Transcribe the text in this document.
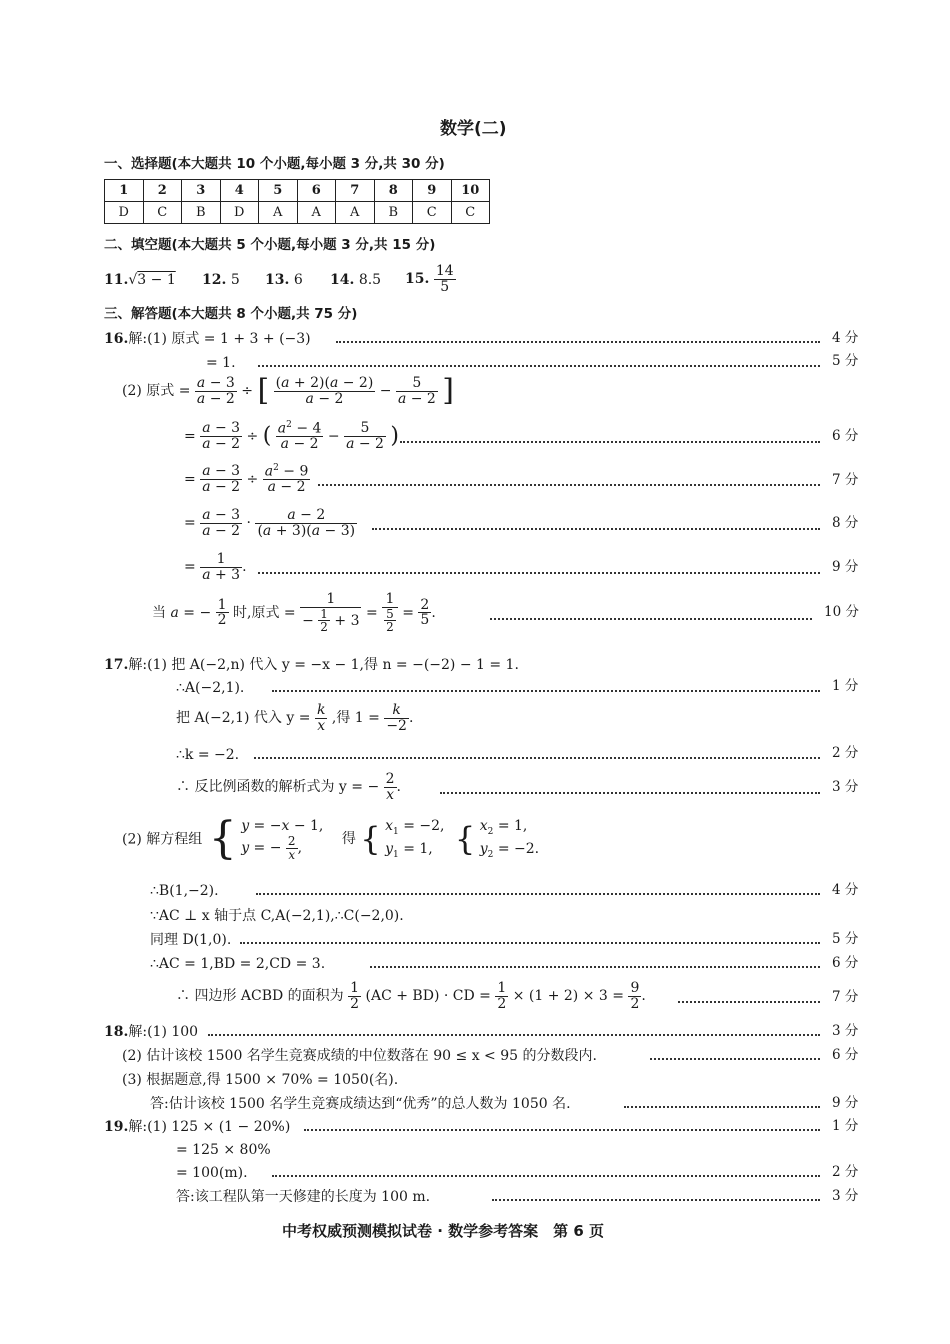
数学(二)
一、选择题(本大题共 10 个小题,每小题 3 分,共 30 分)
1	2	3	4	5	6	7	8	9	10
D	C	B	D	A	A	A	B	C	C
二、填空题(本大题共 5 个小题,每小题 3 分,共 15 分)
11.√3 − 1 12. 5 13. 6 14. 8.5 15. $\frac{14}{5}$
三、解答题(本大题共 8 个小题,共 75 分)
16.解:(1) 原式 = 1 + 3 + (−3)	4 分
= 1.	5 分
(2) 原式 = $\frac{a - 3}{a - 2}$ ÷ [ $\frac{(a + 2)(a - 2)}{a - 2} - \frac{5}{a - 2}$ ]
= $\frac{a - 3}{a - 2}$ ÷ ( $\frac{a^2 - 4}{a - 2} - \frac{5}{a - 2}$ )	6 分
= $\frac{a - 3}{a - 2} \div \frac{a^2 - 9}{a - 2}$	7 分
= $\frac{a - 3}{a - 2} \cdot \frac{a - 2}{(a + 3)(a - 3)}$	8 分
= $\frac{1}{a + 3}$ .	9 分
当 a = − $\frac{1}{2}$ 时,原式 = $\frac{1}{- \frac{1}{2} + 3} = \frac{1}{\frac{5}{2}} = \frac{2}{5}$ .	10 分
17.解:(1) 把 A(−2,n) 代入 y = −x − 1,得 n = −(−2) − 1 = 1.
∴A(−2,1).	1 分
把 A(−2,1) 代入 $y = \frac{k}{x}$ ,得 $1 = \frac{k}{-2}$ .
∴k = −2.	2 分
∴ 反比例函数的解析式为 y = − $\frac{2}{x}$ .	3 分
(2) 解方程组 { y = −x − 1,
y = − $\frac{2}{x}$ ,
得 { $x_1 = -2$,
$y_1 = 1$, { $x_2 = 1$,
$y_2 = -2$.
∴B(1,−2).	4 分
∵AC ⊥ x 轴于点 C,A(−2,1),∴C(−2,0).
同理 D(1,0).	5 分
∴AC = 1,BD = 2,CD = 3.	6 分
∴ 四边形 ACBD 的面积为 $\frac{1}{2} (AC + BD)$ · CD = $\frac{1}{2} \times (1 + 2) \times 3 = \frac{9}{2}$ .	7 分
18.解:(1) 100	3 分
(2) 估计该校 1500 名学生竞赛成绩的中位数落在 90 ≤ x < 95 的分数段内.	6 分
(3) 根据题意,得 1500 × 70% = 1050(名).
答:估计该校 1500 名学生竞赛成绩达到“优秀”的总人数为 1050 名.	9 分
19.解:(1) 125 × (1 − 20%)	1 分
= 125 × 80%
= 100(m).	2 分
答:该工程队第一天修建的长度为 100 m.	3 分
中考权威预测模拟试卷 · 数学参考答案　第 6 页
